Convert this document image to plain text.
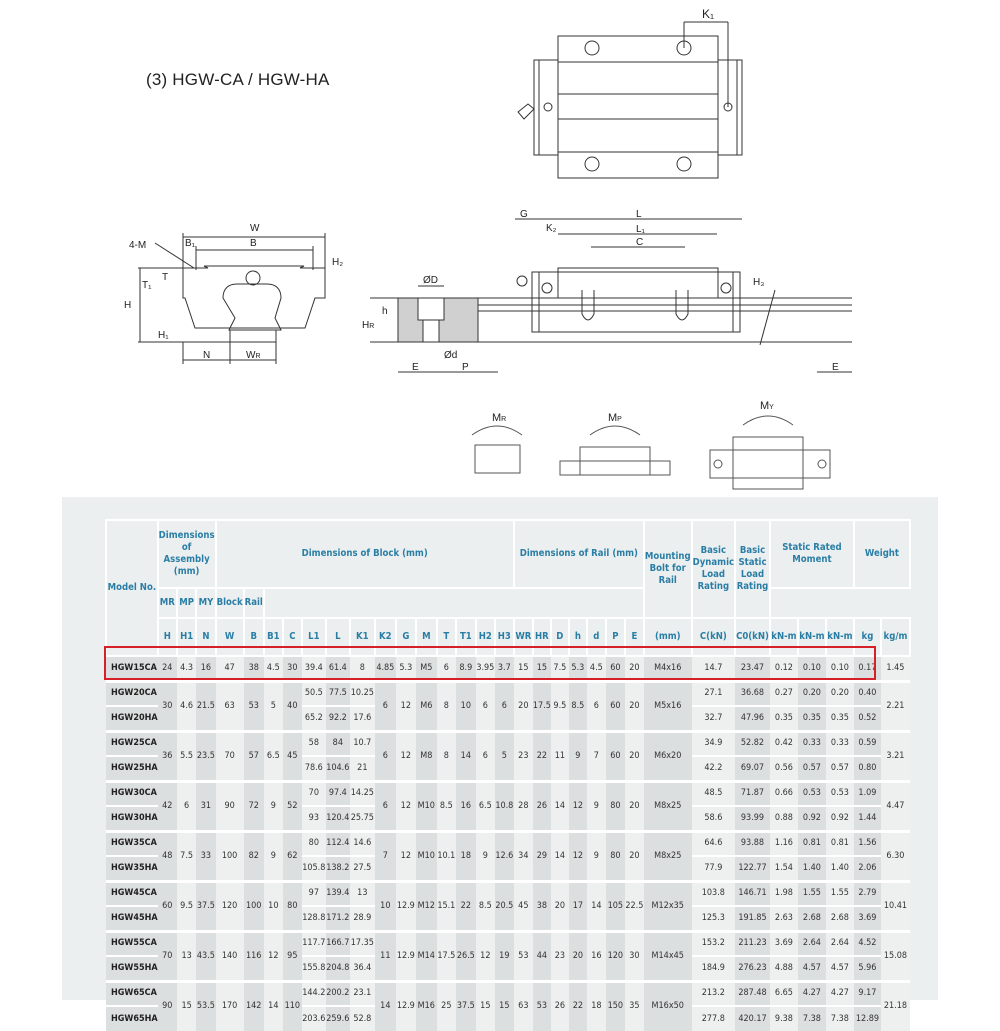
(3) HGW-CA / HGW-HA
K₁
W
B
B₁
4-M
H
T₁
T
H₁
H₂
N	WR
G	L
K₂	L₁
C
H₃
ØD
h
HR
Ød
E	P	E
MR	MP
MY
Model No.	Dimensions of Assembly (mm)			Dimensions of Block (mm)														Dimensions of Rail (mm)							Mounting Bolt for Rail	Basic Dynamic Load Rating	Basic Static Load Rating	Static Rated Moment			Weight	
	MR	MP	MY	Block	Rail																											
	H	H1	N	W	B	B1	C	L1	L	K1	K2	G	M	T	T1	H2	H3	WR	HR	D	h	d	P	E	(mm)	C(kN)	C0(kN)	kN-m	kN-m	kN-m	kg	kg/m
HGW15CA	24	4.3	16	47	38	4.5	30	39.4	61.4	8	4.85	5.3	M5	6	8.9	3.95	3.7	15	15	7.5	5.3	4.5	60	20	M4x16	14.7	23.47	0.12	0.10	0.10	0.17	1.45
HGW20CA	30	4.6	21.5	63	53	5	40	50.5	77.5	10.25	6	12	M6	8	10	6	6	20	17.5	9.5	8.5	6	60	20	M5x16	27.1	36.68	0.27	0.20	0.20	0.40	2.21
HGW20HA								65.2	92.2	17.6																32.7	47.96	0.35	0.35	0.35	0.52	
HGW25CA	36	5.5	23.5	70	57	6.5	45	58	84	10.7	6	12	M8	8	14	6	5	23	22	11	9	7	60	20	M6x20	34.9	52.82	0.42	0.33	0.33	0.59	3.21
HGW25HA								78.6	104.6	21																42.2	69.07	0.56	0.57	0.57	0.80	
HGW30CA	42	6	31	90	72	9	52	70	97.4	14.25	6	12	M10	8.5	16	6.5	10.8	28	26	14	12	9	80	20	M8x25	48.5	71.87	0.66	0.53	0.53	1.09	4.47
HGW30HA								93	120.4	25.75																58.6	93.99	0.88	0.92	0.92	1.44	
HGW35CA	48	7.5	33	100	82	9	62	80	112.4	14.6	7	12	M10	10.1	18	9	12.6	34	29	14	12	9	80	20	M8x25	64.6	93.88	1.16	0.81	0.81	1.56	6.30
HGW35HA								105.8	138.2	27.5																77.9	122.77	1.54	1.40	1.40	2.06	
HGW45CA	60	9.5	37.5	120	100	10	80	97	139.4	13	10	12.9	M12	15.1	22	8.5	20.5	45	38	20	17	14	105	22.5	M12x35	103.8	146.71	1.98	1.55	1.55	2.79	10.41
HGW45HA								128.8	171.2	28.9																125.3	191.85	2.63	2.68	2.68	3.69	
HGW55CA	70	13	43.5	140	116	12	95	117.7	166.7	17.35	11	12.9	M14	17.5	26.5	12	19	53	44	23	20	16	120	30	M14x45	153.2	211.23	3.69	2.64	2.64	4.52	15.08
HGW55HA								155.8	204.8	36.4																184.9	276.23	4.88	4.57	4.57	5.96	
HGW65CA	90	15	53.5	170	142	14	110	144.2	200.2	23.1	14	12.9	M16	25	37.5	15	15	63	53	26	22	18	150	35	M16x50	213.2	287.48	6.65	4.27	4.27	9.17	21.18
HGW65HA								203.6	259.6	52.8																277.8	420.17	9.38	7.38	7.38	12.89	
